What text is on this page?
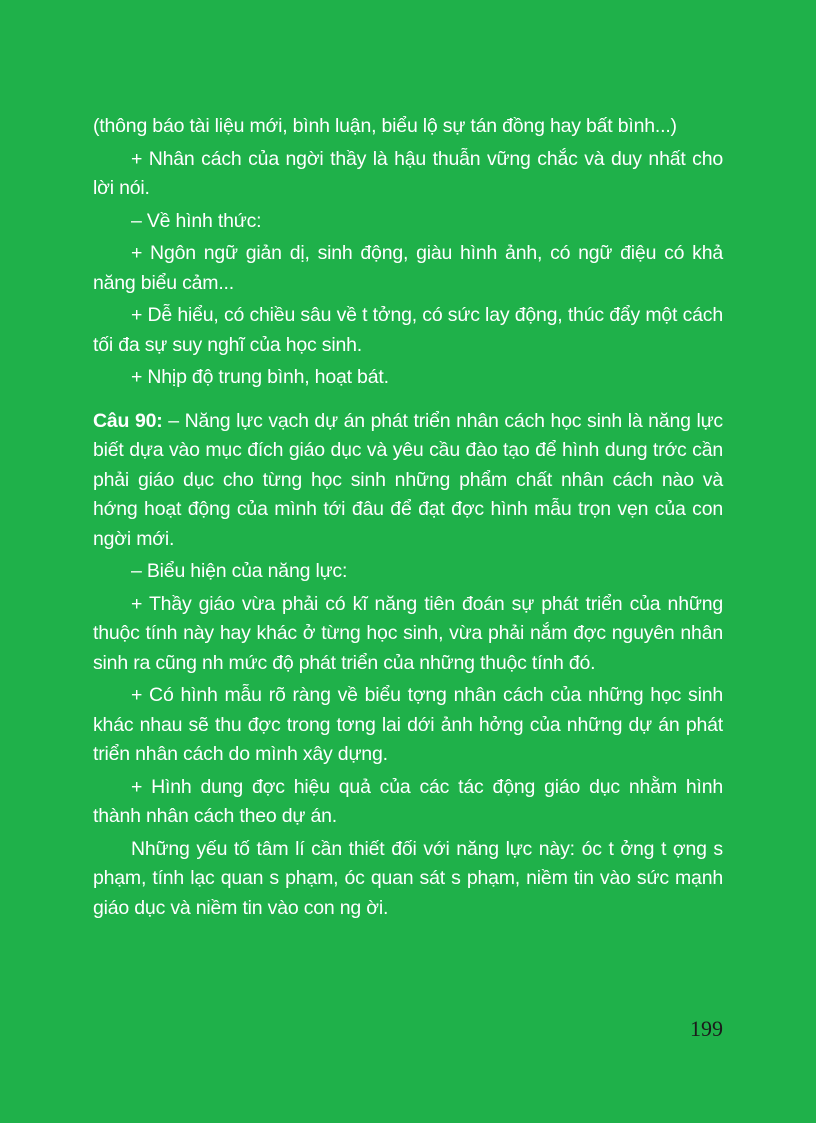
(thông báo tài liệu mới, bình luận, biểu lộ sự tán đồng hay bất bình...)

+ Nhân cách của ngời thầy là hậu thuẫn vững chắc và duy nhất cho lời nói.

– Về hình thức:

+ Ngôn ngữ giản dị, sinh động, giàu hình ảnh, có ngữ điệu có khả năng biểu cảm...

+ Dễ hiểu, có chiều sâu về t tởng, có sức lay động, thúc đẩy một cách tối đa sự suy nghĩ của học sinh.

+ Nhịp độ trung bình, hoạt bát.

Câu 90: – Năng lực vạch dự án phát triển nhân cách học sinh là năng lực biết dựa vào mục đích giáo dục và yêu cầu đào tạo để hình dung trớc cần phải giáo dục cho từng học sinh những phẩm chất nhân cách nào và hớng hoạt động của mình tới đâu để đạt đợc hình mẫu trọn vẹn của con ngời mới.

– Biểu hiện của năng lực:

+ Thầy giáo vừa phải có kĩ năng tiên đoán sự phát triển của những thuộc tính này hay khác ở từng học sinh, vừa phải nắm đợc nguyên nhân sinh ra cũng nh mức độ phát triển của những thuộc tính đó.

+ Có hình mẫu rõ ràng về biểu tợng nhân cách của những học sinh khác nhau sẽ thu đợc trong tơng lai dới ảnh hởng của những dự án phát triển nhân cách do mình xây dựng.

+ Hình dung đợc hiệu quả của các tác động giáo dục nhằm hình thành nhân cách theo dự án.

Những yếu tố tâm lí cần thiết đối với năng lực này: óc t ởng t ợng s phạm, tính lạc quan s phạm, óc quan sát s phạm, niềm tin vào sức mạnh giáo dục và niềm tin vào con ng ời.

199
